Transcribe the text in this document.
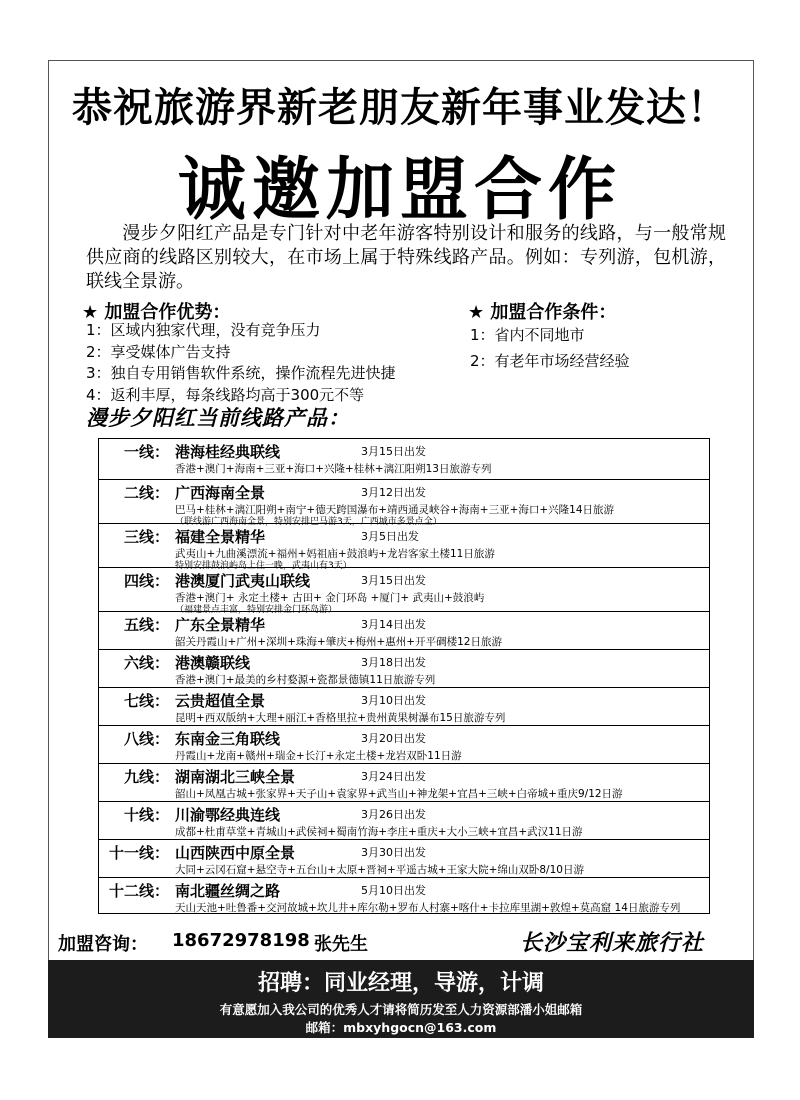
恭祝旅游界新老朋友新年事业发达！
诚邀加盟合作
漫步夕阳红产品是专门针对中老年游客特别设计和服务的线路，与一般常规供应商的线路区别较大，在市场上属于特殊线路产品。例如：专列游，包机游，联线全景游。
★ 加盟合作优势：
1：区域内独家代理，没有竞争压力
2：享受媒体广告支持
3：独自专用销售软件系统，操作流程先进快捷
4：返利丰厚，每条线路均高于300元不等
★ 加盟合作条件：
1：省内不同地市
2：有老年市场经营经验
漫步夕阳红当前线路产品：
一线： 港海桂经典联线	3月15日出发
香港+澳门+海南+三亚+海口+兴隆+桂林+漓江阳朔13日旅游专列
二线： 广西海南全景	3月12日出发
巴马+桂林+漓江阳朔+南宁+德天跨国瀑布+靖西通灵峡谷+海南+三亚+海口+兴隆14日旅游
（联线游广西海南全景，特别安排巴马游3天，广西城市多景点全）
三线： 福建全景精华	3月5日出发
武夷山+九曲溪漂流+福州+妈祖庙+鼓浪屿+龙岩客家土楼11日旅游
特别安排鼓浪屿岛上住一晚，武夷山有3天）
四线： 港澳厦门武夷山联线	3月15日出发
香港+澳门+ 永定土楼+ 古田+ 金门环岛 +厦门+ 武夷山+鼓浪屿
（福建景点丰富，特别安排金门环岛游）
五线： 广东全景精华	3月14日出发
韶关丹霞山+广州+深圳+珠海+肇庆+梅州+惠州+开平碉楼12日旅游
六线： 港澳赣联线	3月18日出发
香港+澳门+最美的乡村婺源+瓷都景德镇11日旅游专列
七线： 云贵超值全景	3月10日出发
昆明+西双版纳+大理+丽江+香格里拉+贵州黄果树瀑布15日旅游专列
八线： 东南金三角联线	3月20日出发
丹霞山+龙南+赣州+瑞金+长汀+永定土楼+龙岩双卧11日游
九线： 湖南湖北三峡全景	3月24日出发
韶山+凤凰古城+张家界+天子山+袁家界+武当山+神龙架+宜昌+三峡+白帝城+重庆9/12日游
十线： 川渝鄂经典连线	3月26日出发
成都+杜甫草堂+青城山+武侯祠+蜀南竹海+李庄+重庆+大小三峡+宜昌+武汉11日游
十一线： 山西陕西中原全景	3月30日出发
大同+云冈石窟+悬空寺+五台山+太原+晋祠+平遥古城+王家大院+绵山双卧8/10日游
十二线： 南北疆丝绸之路	5月10日出发
天山天池+吐鲁番+交河故城+坎儿井+库尔勒+罗布人村寨+喀什+卡拉库里湖+敦煌+莫高窟 14日旅游专列
加盟咨询： 18672978198 张先生	长沙宝利来旅行社
招聘：同业经理，导游，计调
有意愿加入我公司的优秀人才请将简历发至人力资源部潘小姐邮箱
邮箱：mbxyhgocn@163.com
